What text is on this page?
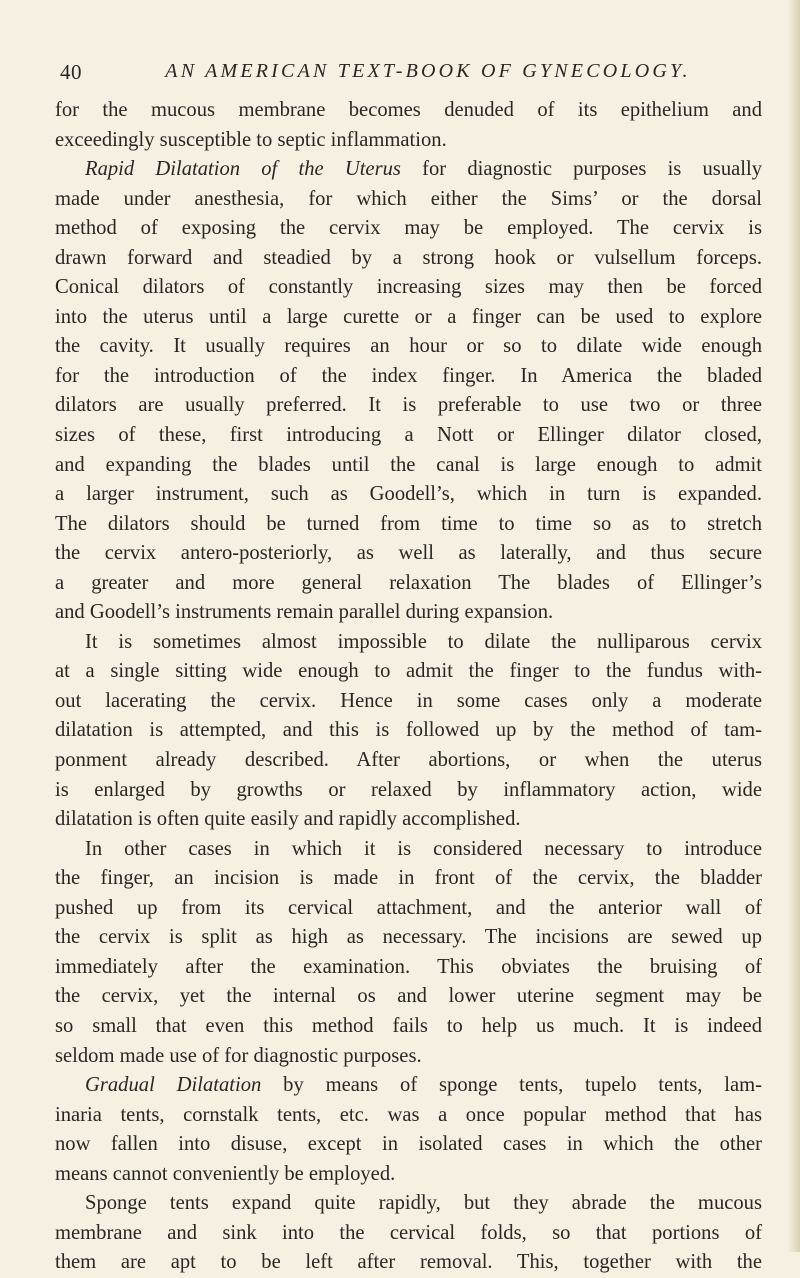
40	AN AMERICAN TEXT-BOOK OF GYNECOLOGY.
for the mucous membrane becomes denuded of its epithelium and
exceedingly susceptible to septic inflammation.
Rapid Dilatation of the Uterus for diagnostic purposes is usually
made under anesthesia, for which either the Sims’ or the dorsal
method of exposing the cervix may be employed. The cervix is
drawn forward and steadied by a strong hook or vulsellum forceps.
Conical dilators of constantly increasing sizes may then be forced
into the uterus until a large curette or a finger can be used to explore
the cavity. It usually requires an hour or so to dilate wide enough
for the introduction of the index finger. In America the bladed
dilators are usually preferred. It is preferable to use two or three
sizes of these, first introducing a Nott or Ellinger dilator closed,
and expanding the blades until the canal is large enough to admit
a larger instrument, such as Goodell’s, which in turn is expanded.
The dilators should be turned from time to time so as to stretch
the cervix antero-posteriorly, as well as laterally, and thus secure
a greater and more general relaxation The blades of Ellinger’s
and Goodell’s instruments remain parallel during expansion.
It is sometimes almost impossible to dilate the nulliparous cervix
at a single sitting wide enough to admit the finger to the fundus with-
out lacerating the cervix. Hence in some cases only a moderate
dilatation is attempted, and this is followed up by the method of tam-
ponment already described. After abortions, or when the uterus
is enlarged by growths or relaxed by inflammatory action, wide
dilatation is often quite easily and rapidly accomplished.
In other cases in which it is considered necessary to introduce
the finger, an incision is made in front of the cervix, the bladder
pushed up from its cervical attachment, and the anterior wall of
the cervix is split as high as necessary. The incisions are sewed up
immediately after the examination. This obviates the bruising of
the cervix, yet the internal os and lower uterine segment may be
so small that even this method fails to help us much. It is indeed
seldom made use of for diagnostic purposes.
Gradual Dilatation by means of sponge tents, tupelo tents, lam-
inaria tents, cornstalk tents, etc. was a once popular method that has
now fallen into disuse, except in isolated cases in which the other
means cannot conveniently be employed.
Sponge tents expand quite rapidly, but they abrade the mucous
membrane and sink into the cervical folds, so that portions of
them are apt to be left after removal. This, together with the
